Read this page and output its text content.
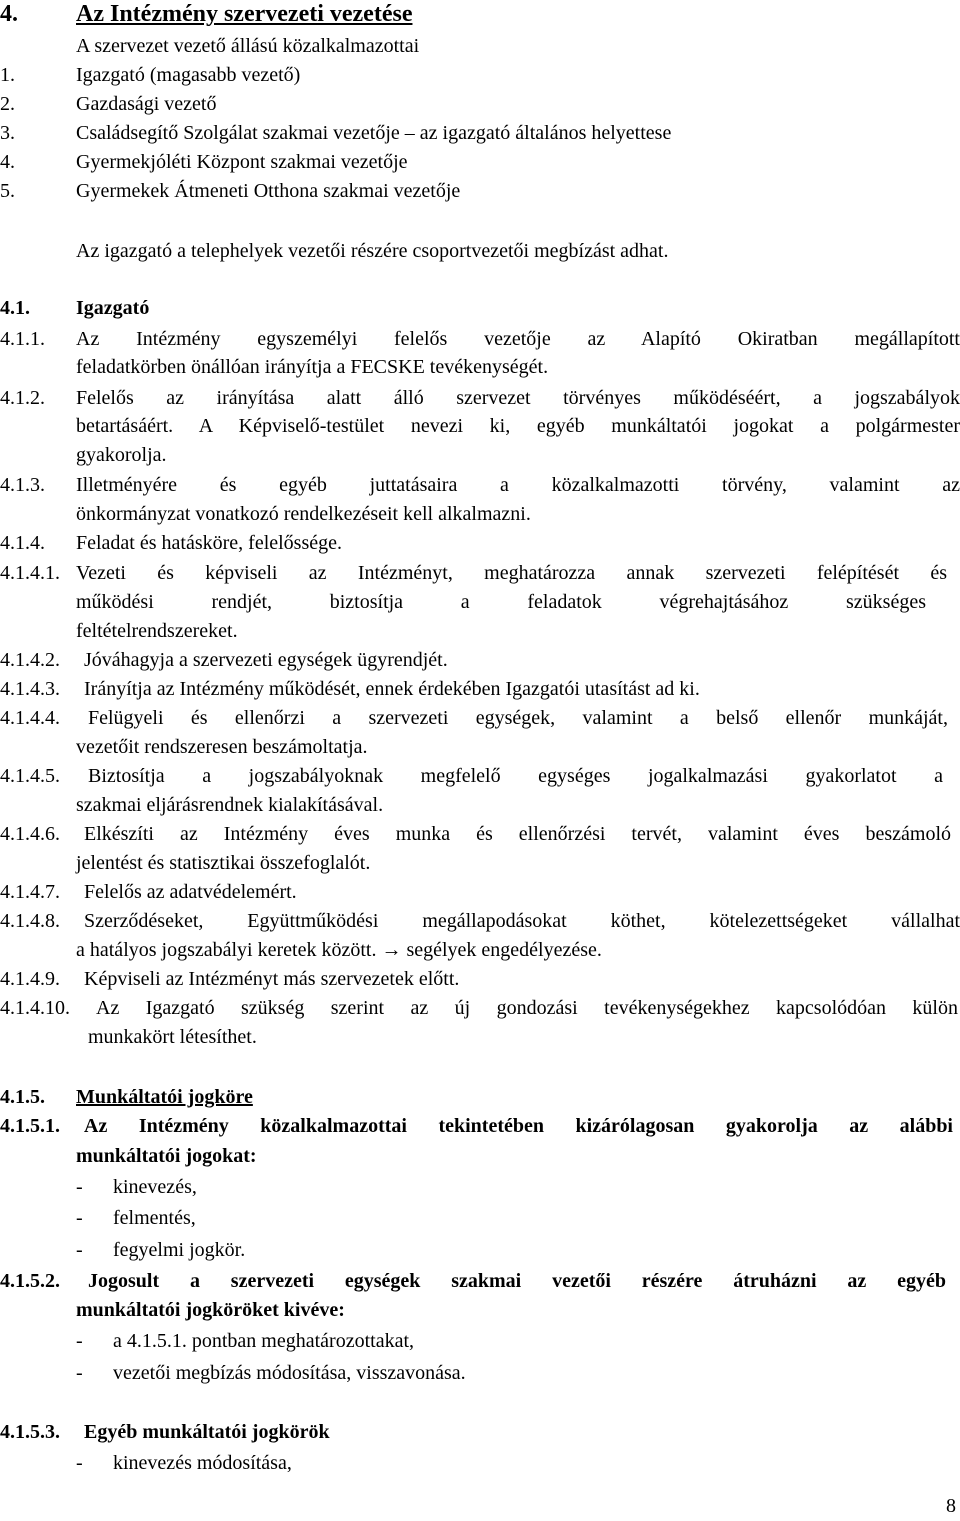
4. Az Intézmény szervezeti vezetése
A szervezet vezető állású közalkalmazottai
1.	Igazgató (magasabb vezető)
2.	Gazdasági vezető
3.	Családsegítő Szolgálat szakmai vezetője – az igazgató általános helyettese
4.	Gyermekjóléti Központ szakmai vezetője
5.	Gyermekek Átmeneti Otthona szakmai vezetője
Az igazgató a telephelyek vezetői részére csoportvezetői megbízást adhat.
4.1. Igazgató
4.1.1. Az Intézmény egyszemélyi felelős vezetője az Alapító Okiratban megállapított
feladatkörben önállóan irányítja a FECSKE tevékenységét.
4.1.2. Felelős az irányítása alatt álló szervezet törvényes működéséért, a jogszabályok
betartásáért. A Képviselő-testület nevezi ki, egyéb munkáltatói jogokat a polgármester
gyakorolja.
4.1.3. Illetményére és egyéb juttatásaira a közalkalmazotti törvény, valamint az
önkormányzat vonatkozó rendelkezéseit kell alkalmazni.
4.1.4. Feladat és hatásköre, felelőssége.
4.1.4.1. Vezeti és képviseli az Intézményt, meghatározza annak szervezeti felépítését és
működési rendjét, biztosítja a feladatok végrehajtásához szükséges
feltételrendszereket.
4.1.4.2. Jóváhagyja a szervezeti egységek ügyrendjét.
4.1.4.3. Irányítja az Intézmény működését, ennek érdekében Igazgatói utasítást ad ki.
4.1.4.4. Felügyeli és ellenőrzi a szervezeti egységek, valamint a belső ellenőr munkáját,
vezetőit rendszeresen beszámoltatja.
4.1.4.5. Biztosítja a jogszabályoknak megfelelő egységes jogalkalmazási gyakorlatot a
szakmai eljárásrendnek kialakításával.
4.1.4.6. Elkészíti az Intézmény éves munka és ellenőrzési tervét, valamint éves beszámoló
jelentést és statisztikai összefoglalót.
4.1.4.7. Felelős az adatvédelemért.
4.1.4.8. Szerződéseket, Együttműködési megállapodásokat köthet, kötelezettségeket vállalhat
a hatályos jogszabályi keretek között. → segélyek engedélyezése.
4.1.4.9. Képviseli az Intézményt más szervezetek előtt.
4.1.4.10. Az Igazgató szükség szerint az új gondozási tevékenységekhez kapcsolódóan külön
munkakört létesíthet.
4.1.5. Munkáltatói jogköre
4.1.5.1. Az Intézmény közalkalmazottai tekintetében kizárólagosan gyakorolja az alábbi
munkáltatói jogokat:
- kinevezés,
- felmentés,
- fegyelmi jogkör.
4.1.5.2. Jogosult a szervezeti egységek szakmai vezetői részére átruházni az egyéb
munkáltatói jogköröket kivéve:
- a 4.1.5.1. pontban meghatározottakat,
- vezetői megbízás módosítása, visszavonása.
4.1.5.3. Egyéb munkáltatói jogkörök
- kinevezés módosítása,
8
